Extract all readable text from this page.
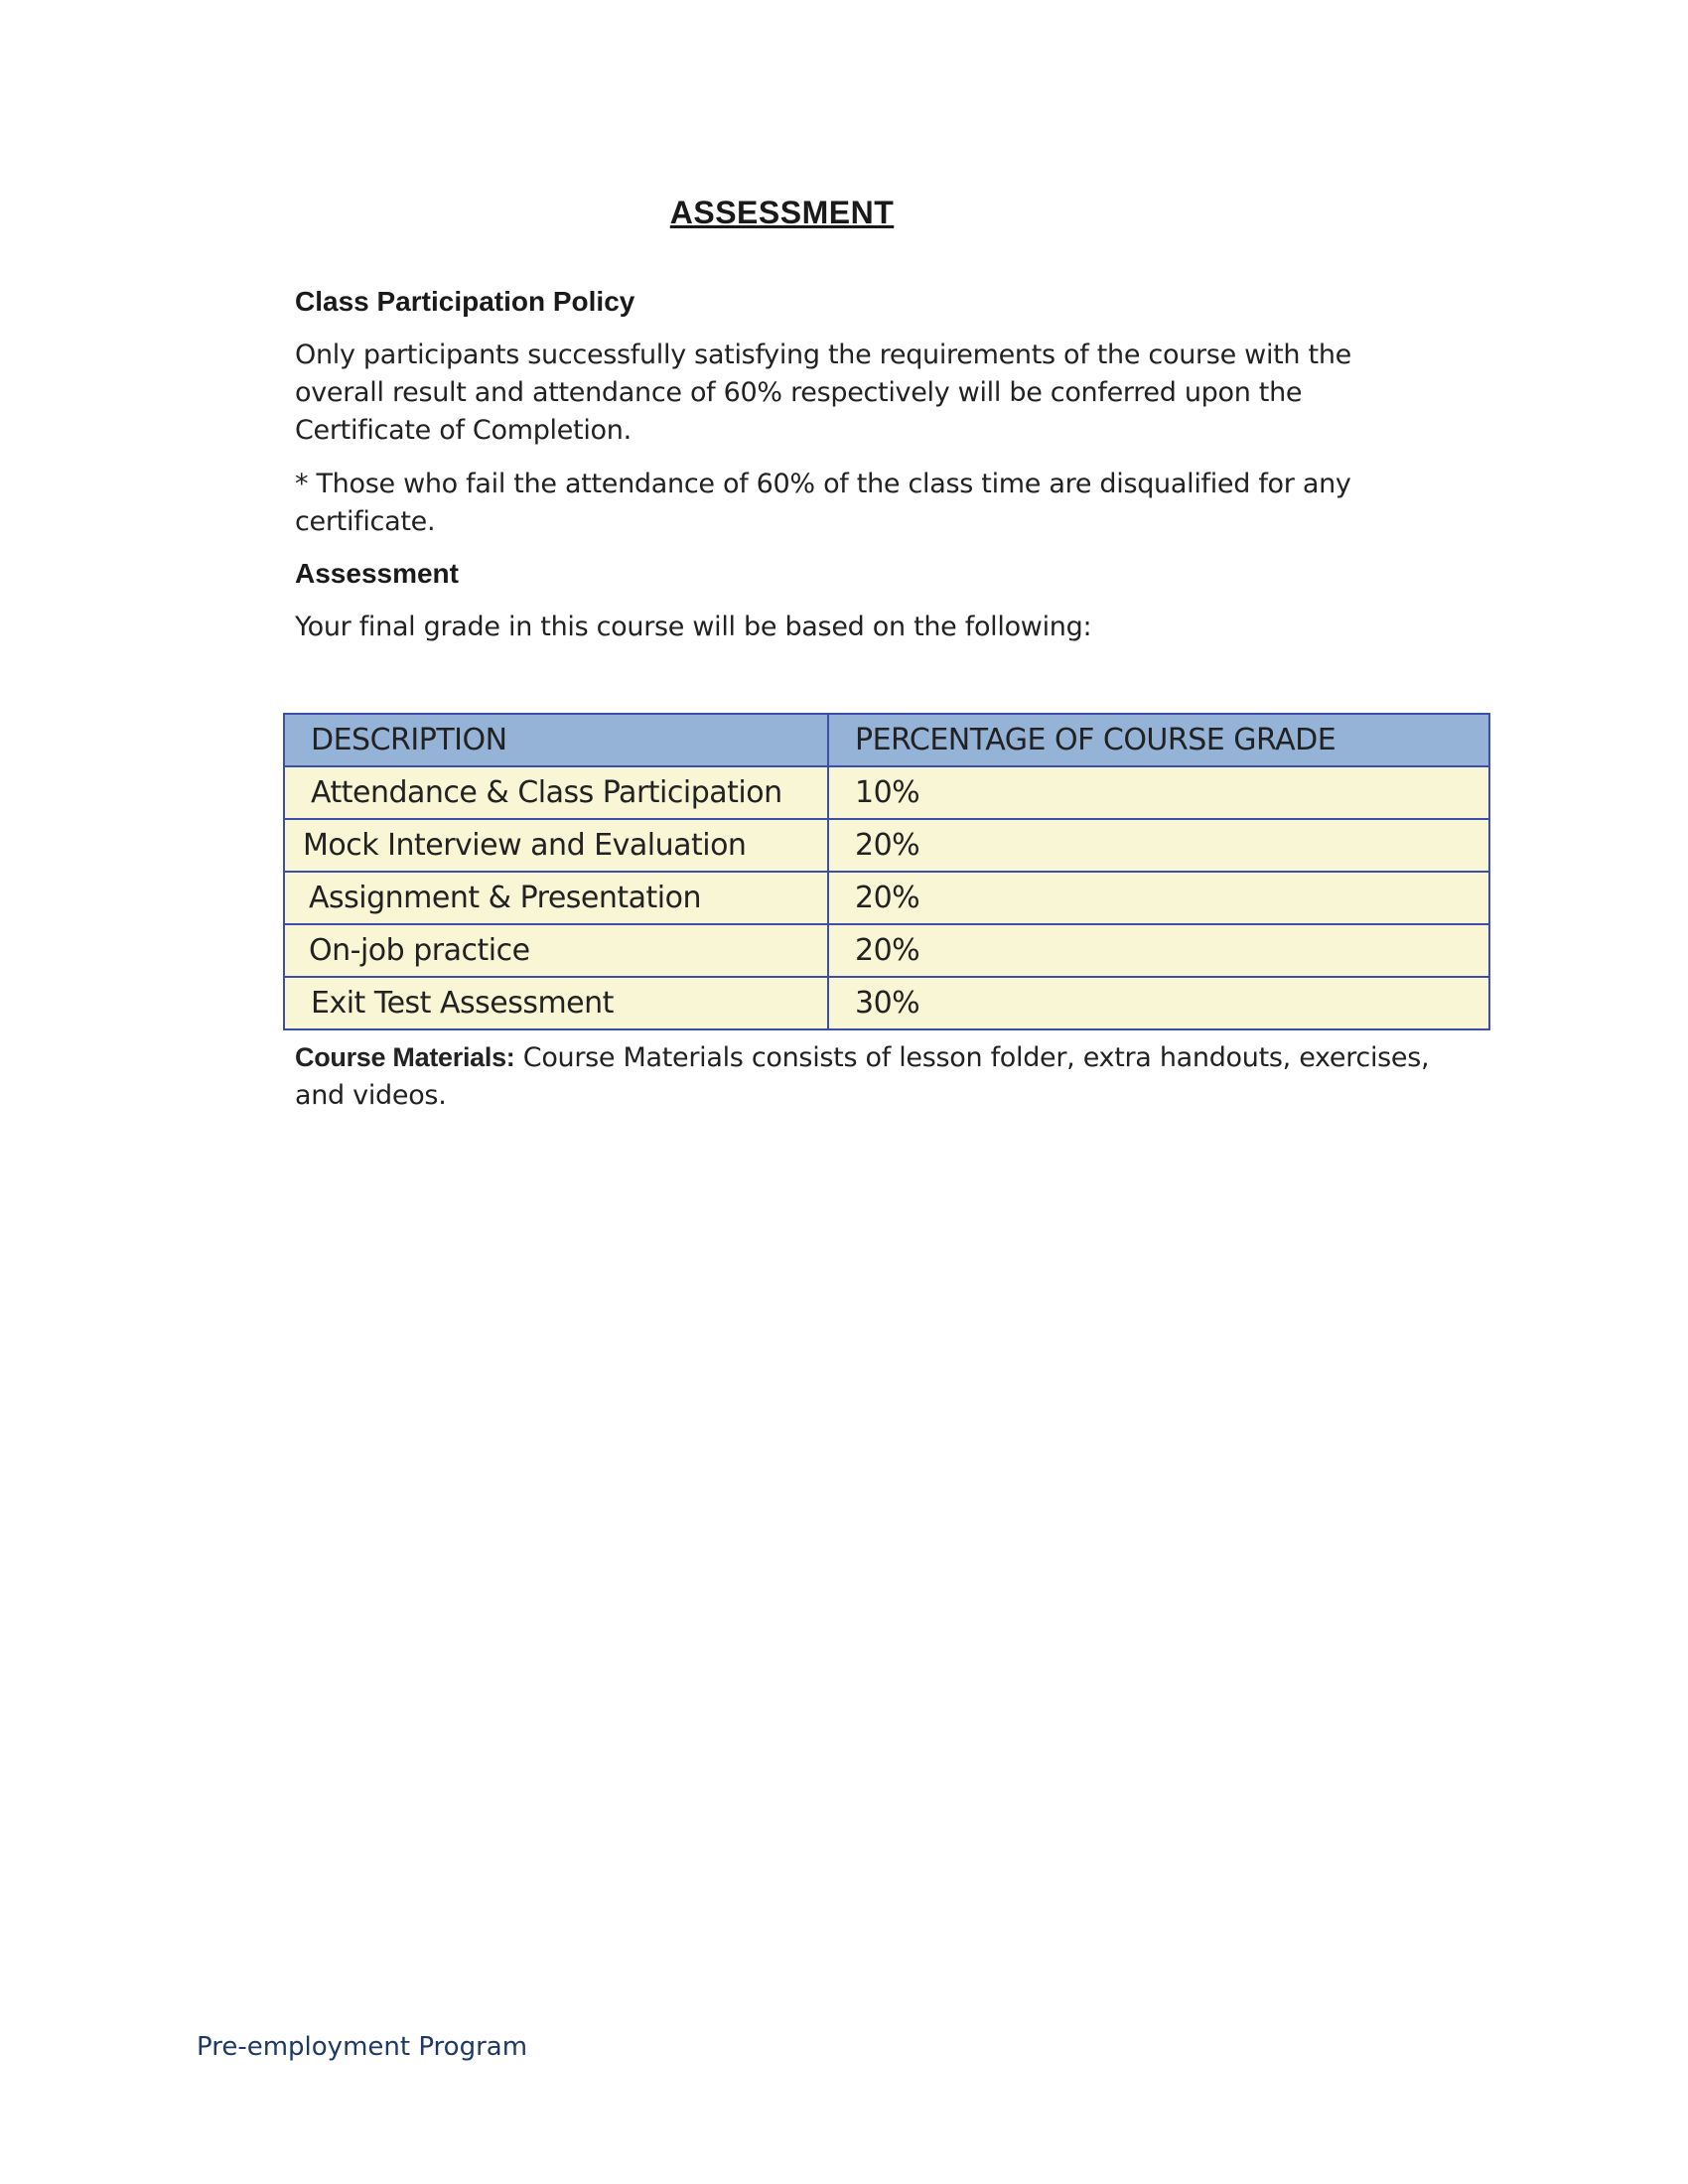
ASSESSMENT

Class Participation Policy

Only participants successfully satisfying the requirements of the course with the

overall result and attendance of 60% respectively will be conferred upon the

Certificate of Completion.

* Those who fail the attendance of 60% of the class time are disqualified for any

certificate.

Assessment

Your final grade in this course will be based on the following:

DESCRIPTION	PERCENTAGE OF COURSE GRADE
Attendance & Class Participation	10%
Mock Interview and Evaluation	20%
Assignment & Presentation	20%
On-job practice	20%
Exit Test Assessment	30%
Course Materials: Course Materials consists of lesson folder, extra handouts, exercises,
and videos.
Pre-employment Program
